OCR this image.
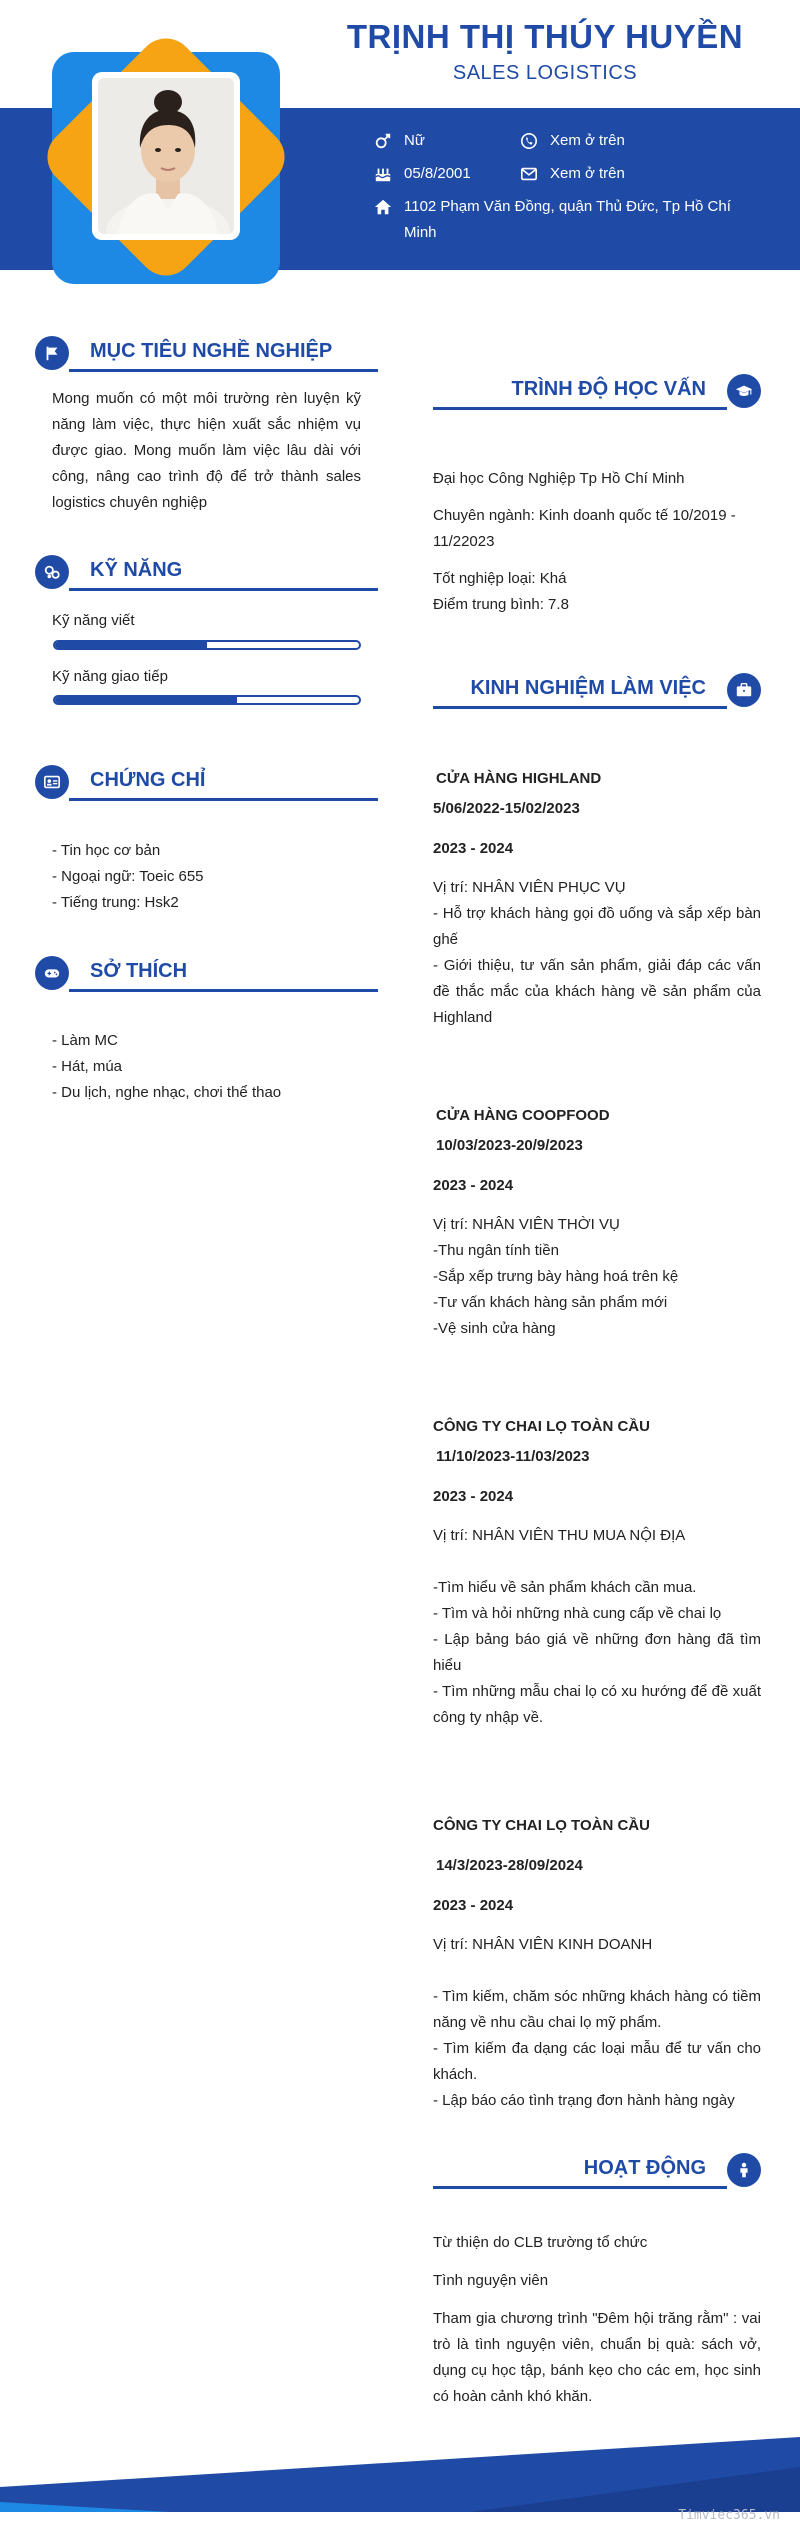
TRỊNH THỊ THÚY HUYỀN
SALES LOGISTICS
Nữ	Xem ở trên
05/8/2001	Xem ở trên
1102 Phạm Văn Đồng, quận Thủ Đức, Tp Hồ Chí Minh
MỤC TIÊU NGHỀ NGHIỆP
Mong muốn có một môi trường rèn luyện kỹ năng làm việc, thực hiện xuất sắc nhiệm vụ được giao. Mong muốn làm việc lâu dài với công, nâng cao trình độ để trở thành sales logistics chuyên nghiệp
KỸ NĂNG
Kỹ năng viết
Kỹ năng giao tiếp
CHỨNG CHỈ
- Tin học cơ bản
- Ngoại ngữ: Toeic 655
- Tiếng trung: Hsk2
SỞ THÍCH
- Làm MC
- Hát, múa
- Du lịch, nghe nhạc, chơi thể thao
TRÌNH ĐỘ HỌC VẤN
Đại học Công Nghiệp Tp Hồ Chí Minh
Chuyên ngành: Kinh doanh quốc tế 10/2019 - 11/22023
Tốt nghiệp loại: Khá
Điểm trung bình: 7.8
KINH NGHIỆM LÀM VIỆC
CỬA HÀNG HIGHLAND
5/06/2022-15/02/2023
2023 - 2024
Vị trí: NHÂN VIÊN PHỤC VỤ
- Hỗ trợ khách hàng gọi đồ uống và sắp xếp bàn ghế
- Giới thiệu, tư vấn sản phẩm, giải đáp các vấn đề thắc mắc của khách hàng về sản phẩm của Highland
CỬA HÀNG COOPFOOD
10/03/2023-20/9/2023
2023 - 2024
Vị trí: NHÂN VIÊN THỜI VỤ
-Thu ngân tính tiền
-Sắp xếp trưng bày hàng hoá trên kệ
-Tư vấn khách hàng sản phẩm mới
-Vệ sinh cửa hàng
CÔNG TY CHAI LỌ TOÀN CẦU
11/10/2023-11/03/2023
2023 - 2024
Vị trí: NHÂN VIÊN THU MUA NỘI ĐỊA
-Tìm hiểu về sản phẩm khách cần mua.
- Tìm và hỏi những nhà cung cấp về chai lọ
- Lập bảng báo giá về những đơn hàng đã tìm hiểu
- Tìm những mẫu chai lọ có xu hướng để đề xuất công ty nhập về.
CÔNG TY CHAI LỌ TOÀN CẦU
14/3/2023-28/09/2024
2023 - 2024
Vị trí: NHÂN VIÊN KINH DOANH
- Tìm kiếm, chăm sóc những khách hàng có tiềm năng về nhu cầu chai lọ mỹ phẩm.
- Tìm kiếm đa dạng các loại mẫu để tư vấn cho khách.
- Lập báo cáo tình trạng đơn hành hàng ngày
HOẠT ĐỘNG
Từ thiện do CLB trường tổ chức
Tình nguyện viên
Tham gia chương trình "Đêm hội trăng rằm" : vai trò là tình nguyện viên, chuẩn bị quà: sách vở, dụng cụ học tập, bánh kẹo cho các em, học sinh có hoàn cảnh khó khăn.
Timviec365.vn
